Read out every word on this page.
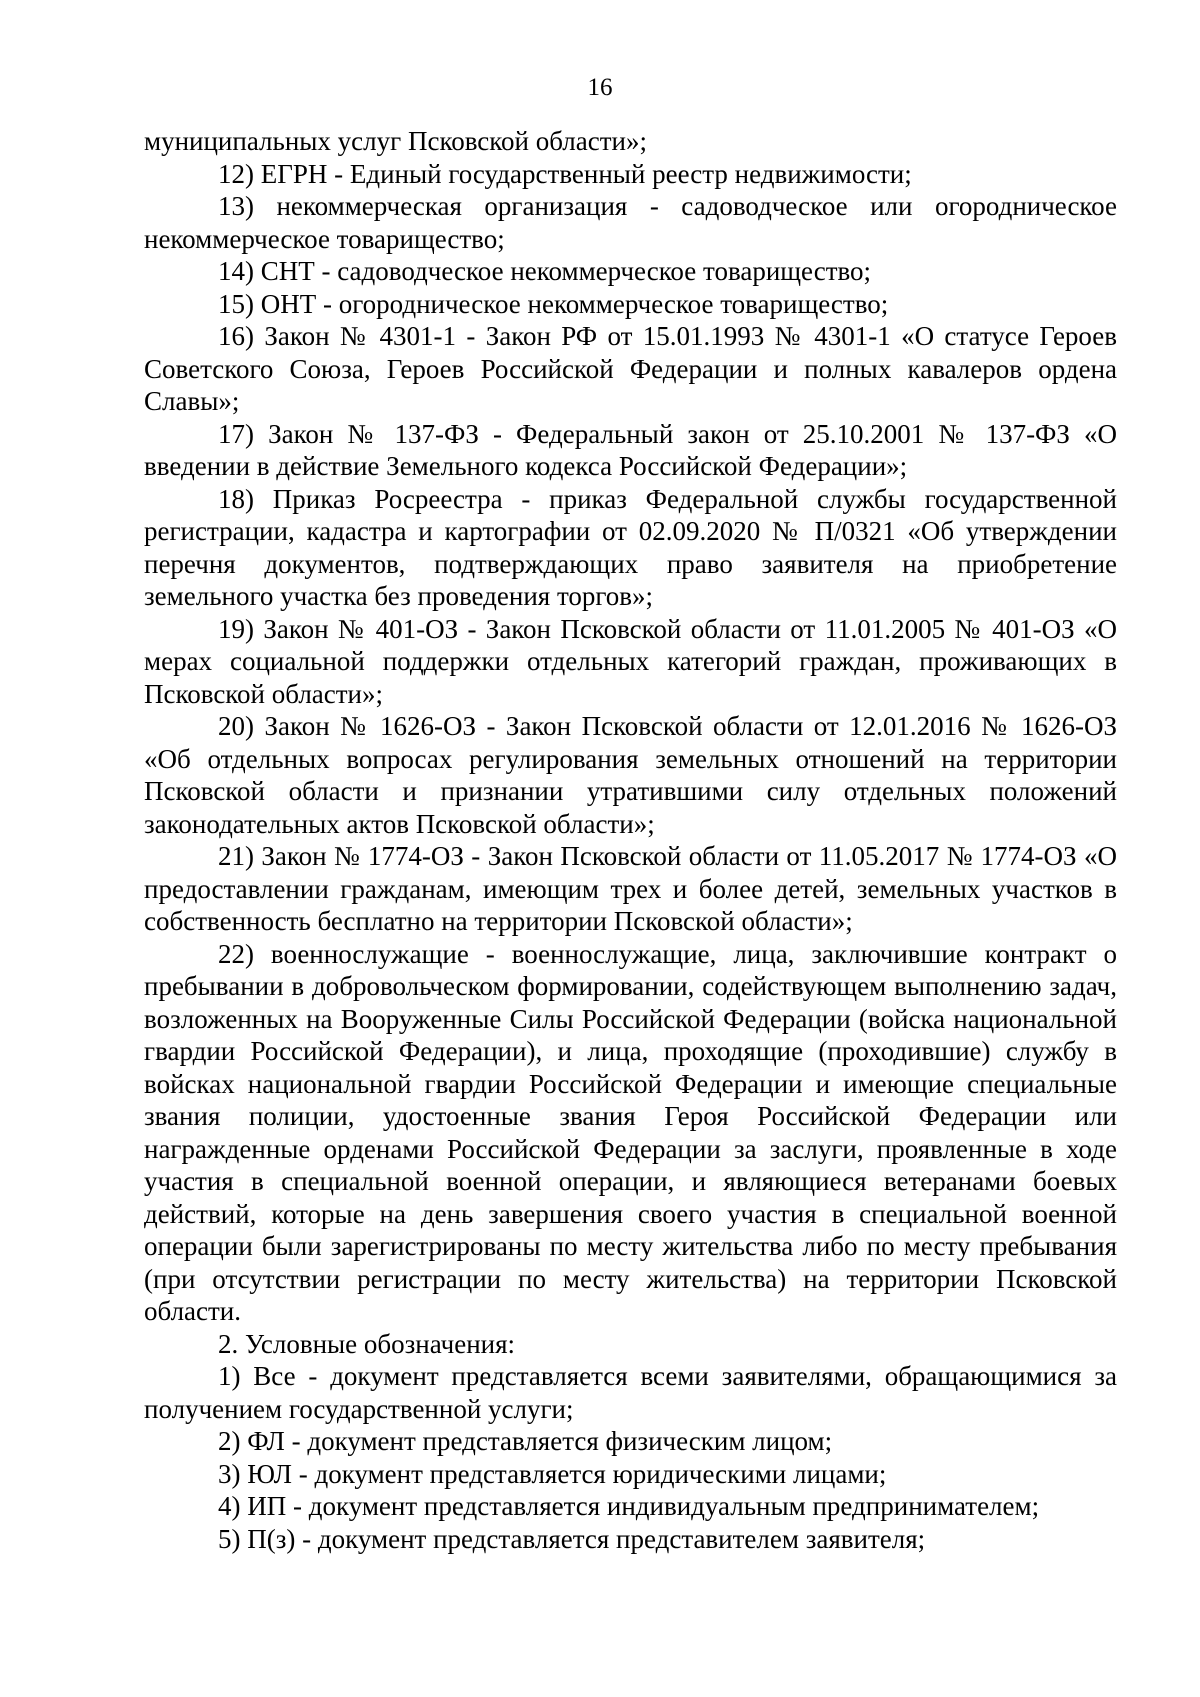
16

муниципальных услуг Псковской области»;

12) ЕГРН - Единый государственный реестр недвижимости;

13) некоммерческая организация - садоводческое или огородническое некоммерческое товарищество;

14) СНТ - садоводческое некоммерческое товарищество;

15) ОНТ - огородническое некоммерческое товарищество;

16) Закон № 4301-1 - Закон РФ от 15.01.1993 № 4301-1 «О статусе Героев Советского Союза, Героев Российской Федерации и полных кавалеров ордена Славы»;

17) Закон № 137-ФЗ - Федеральный закон от 25.10.2001 № 137-ФЗ «О введении в действие Земельного кодекса Российской Федерации»;

18) Приказ Росреестра - приказ Федеральной службы государственной регистрации, кадастра и картографии от 02.09.2020 № П/0321 «Об утверждении перечня документов, подтверждающих право заявителя на приобретение земельного участка без проведения торгов»;

19) Закон № 401-ОЗ - Закон Псковской области от 11.01.2005 № 401-ОЗ «О мерах социальной поддержки отдельных категорий граждан, проживающих в Псковской области»;

20) Закон № 1626-ОЗ - Закон Псковской области от 12.01.2016 № 1626-ОЗ «Об отдельных вопросах регулирования земельных отношений на территории Псковской области и признании утратившими силу отдельных положений законодательных актов Псковской области»;

21) Закон № 1774-ОЗ - Закон Псковской области от 11.05.2017 № 1774-ОЗ «О предоставлении гражданам, имеющим трех и более детей, земельных участков в собственность бесплатно на территории Псковской области»;

22) военнослужащие - военнослужащие, лица, заключившие контракт о пребывании в добровольческом формировании, содействующем выполнению задач, возложенных на Вооруженные Силы Российской Федерации (войска национальной гвардии Российской Федерации), и лица, проходящие (проходившие) службу в войсках национальной гвардии Российской Федерации и имеющие специальные звания полиции, удостоенные звания Героя Российской Федерации или награжденные орденами Российской Федерации за заслуги, проявленные в ходе участия в специальной военной операции, и являющиеся ветеранами боевых действий, которые на день завершения своего участия в специальной военной операции были зарегистрированы по месту жительства либо по месту пребывания (при отсутствии регистрации по месту жительства) на территории Псковской области.

2. Условные обозначения:

1) Все - документ представляется всеми заявителями, обращающимися за получением государственной услуги;

2) ФЛ - документ представляется физическим лицом;

3) ЮЛ - документ представляется юридическими лицами;

4) ИП - документ представляется индивидуальным предпринимателем;

5) П(з) - документ представляется представителем заявителя;
